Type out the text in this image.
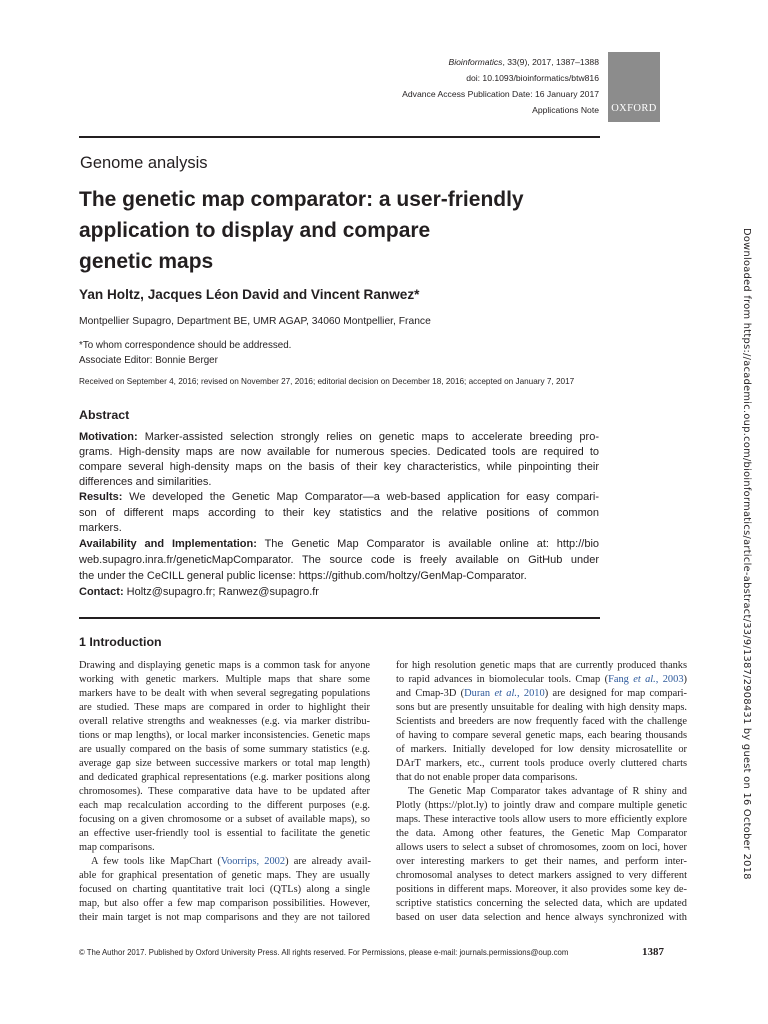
Bioinformatics, 33(9), 2017, 1387–1388
doi: 10.1093/bioinformatics/btw816
Advance Access Publication Date: 16 January 2017
Applications Note	OXFORD
Genome analysis
The genetic map comparator: a user-friendly
application to display and compare
genetic maps
Yan Holtz, Jacques Léon David and Vincent Ranwez*
Montpellier Supagro, Department BE, UMR AGAP, 34060 Montpellier, France
*To whom correspondence should be addressed.
Associate Editor: Bonnie Berger
Received on September 4, 2016; revised on November 27, 2016; editorial decision on December 18, 2016; accepted on January 7, 2017
Abstract
Motivation: Marker-assisted selection strongly relies on genetic maps to accelerate breeding pro-
grams. High-density maps are now available for numerous species. Dedicated tools are required to
compare several high-density maps on the basis of their key characteristics, while pinpointing their
differences and similarities.
Results: We developed the Genetic Map Comparator—a web-based application for easy compari-
son of different maps according to their key statistics and the relative positions of common
markers.
Availability and Implementation: The Genetic Map Comparator is available online at: http://bio
web.supagro.inra.fr/geneticMapComparator. The source code is freely available on GitHub under
the under the CeCILL general public license: https://github.com/holtzy/GenMap-Comparator.
Contact: Holtz@supagro.fr; Ranwez@supagro.fr
1 Introduction
Drawing and displaying genetic maps is a common task for anyone
working with genetic markers. Multiple maps that share some
markers have to be dealt with when several segregating populations
are studied. These maps are compared in order to highlight their
overall relative strengths and weaknesses (e.g. via marker distribu-
tions or map lengths), or local marker inconsistencies. Genetic maps
are usually compared on the basis of some summary statistics (e.g.
average gap size between successive markers or total map length)
and dedicated graphical representations (e.g. marker positions along
chromosomes). These comparative data have to be updated after
each map recalculation according to the different purposes (e.g.
focusing on a given chromosome or a subset of available maps), so
an effective user-friendly tool is essential to facilitate the genetic
map comparisons.
A few tools like MapChart (Voorrips, 2002) are already avail-
able for graphical presentation of genetic maps. They are usually
focused on charting quantitative trait loci (QTLs) along a single
map, but also offer a few map comparison possibilities. However,
their main target is not map comparisons and they are not tailored
for high resolution genetic maps that are currently produced thanks
to rapid advances in biomolecular tools. Cmap (Fang et al., 2003)
and Cmap-3D (Duran et al., 2010) are designed for map compari-
sons but are presently unsuitable for dealing with high density maps.
Scientists and breeders are now frequently faced with the challenge
of having to compare several genetic maps, each bearing thousands
of markers. Initially developed for low density microsatellite or
DArT markers, etc., current tools produce overly cluttered charts
that do not enable proper data comparisons.
The Genetic Map Comparator takes advantage of R shiny and
Plotly (https://plot.ly) to jointly draw and compare multiple genetic
maps. These interactive tools allow users to more efficiently explore
the data. Among other features, the Genetic Map Comparator
allows users to select a subset of chromosomes, zoom on loci, hover
over interesting markers to get their names, and perform inter-
chromosomal analyses to detect markers assigned to very different
positions in different maps. Moreover, it also provides some key de-
scriptive statistics concerning the selected data, which are updated
based on user data selection and hence always synchronized with
© The Author 2017. Published by Oxford University Press. All rights reserved. For Permissions, please e-mail: journals.permissions@oup.com	1387
Downloaded from https://academic.oup.com/bioinformatics/article-abstract/33/9/1387/2908431 by guest on 16 October 2018
